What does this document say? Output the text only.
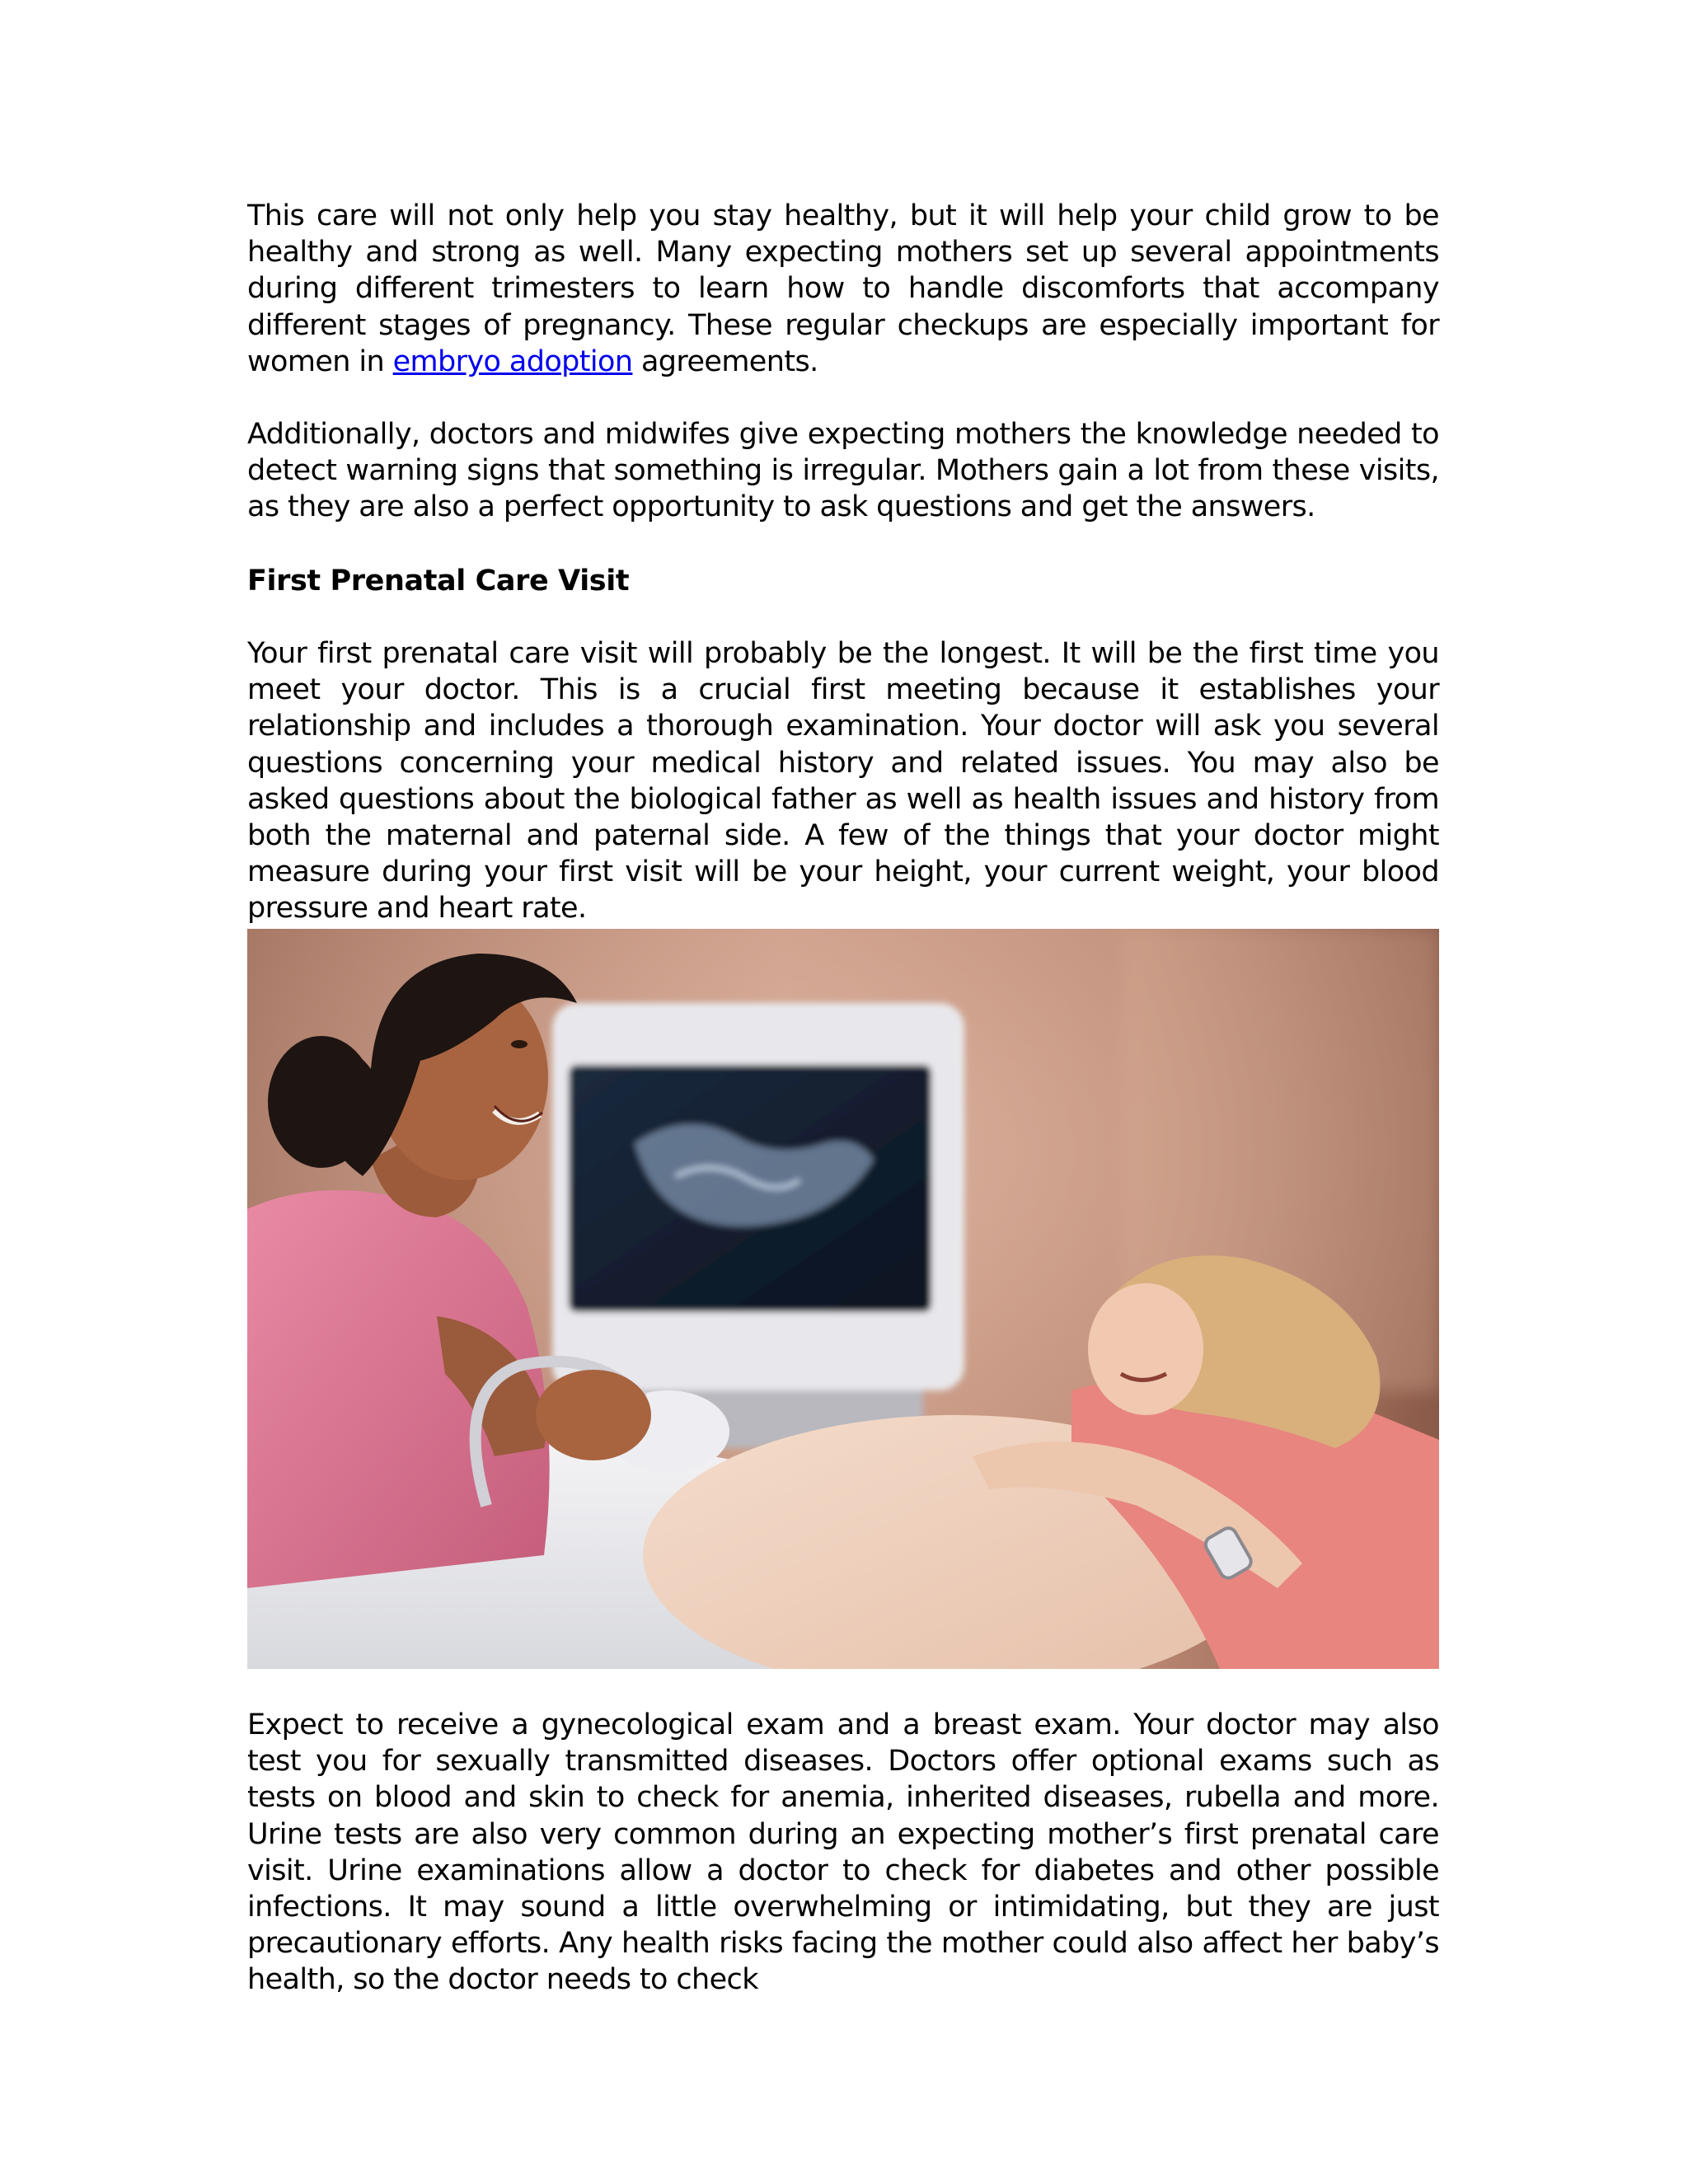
This care will not only help you stay healthy, but it will help your child grow to be healthy and strong as well. Many expecting mothers set up several appointments during different trimesters to learn how to handle discomforts that accompany different stages of pregnancy. These regular checkups are especially important for women in embryo adoption agreements.

Additionally, doctors and midwifes give expecting mothers the knowledge needed to detect warning signs that something is irregular. Mothers gain a lot from these visits, as they are also a perfect opportunity to ask questions and get the answers.

First Prenatal Care Visit

Your first prenatal care visit will probably be the longest. It will be the first time you meet your doctor. This is a crucial first meeting because it establishes your relationship and includes a thorough examination. Your doctor will ask you several questions concerning your medical history and related issues. You may also be asked questions about the biological father as well as health issues and history from both the maternal and paternal side. A few of the things that your doctor might measure during your first visit will be your height, your current weight, your blood pressure and heart rate.

Expect to receive a gynecological exam and a breast exam. Your doctor may also test you for sexually transmitted diseases. Doctors offer optional exams such as tests on blood and skin to check for anemia, inherited diseases, rubella and more. Urine tests are also very common during an expecting mother’s first prenatal care visit. Urine examinations allow a doctor to check for diabetes and other possible infections. It may sound a little overwhelming or intimidating, but they are just precautionary efforts. Any health risks facing the mother could also affect her baby’s health, so the doctor needs to check
